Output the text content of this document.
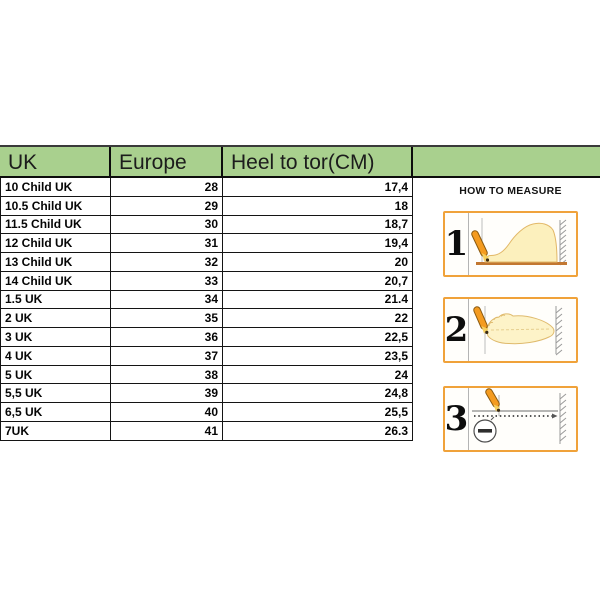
UK	Europe	Heel to tor(CM)
10 Child UK	28	17,4
10.5 Child UK	29	18
11.5 Child UK	30	18,7
12 Child UK	31	19,4
13 Child UK	32	20
14 Child UK	33	20,7
1.5 UK	34	21.4
2 UK	35	22
3 UK	36	22,5
4 UK	37	23,5
5 UK	38	24
5,5 UK	39	24,8
6,5 UK	40	25,5
7UK	41	26.3
HOW TO MEASURE
1
2
3
